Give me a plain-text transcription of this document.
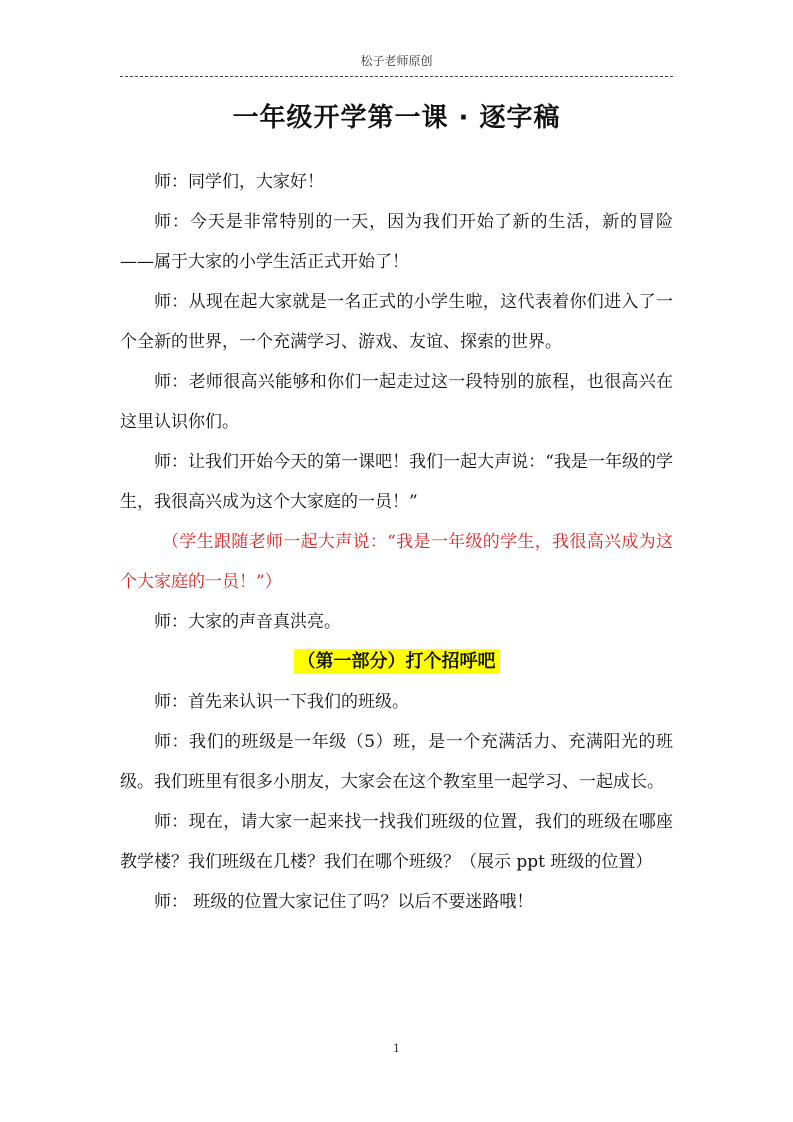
松子老师原创
一年级开学第一课 · 逐字稿

师：同学们，大家好！

师：今天是非常特别的一天，因为我们开始了新的生活，新的冒险——属于大家的小学生活正式开始了！

师：从现在起大家就是一名正式的小学生啦，这代表着你们进入了一个全新的世界，一个充满学习、游戏、友谊、探索的世界。

师：老师很高兴能够和你们一起走过这一段特别的旅程，也很高兴在这里认识你们。

师：让我们开始今天的第一课吧！我们一起大声说：“我是一年级的学生，我很高兴成为这个大家庭的一员！”

（学生跟随老师一起大声说：“我是一年级的学生，我很高兴成为这个大家庭的一员！”）

师：大家的声音真洪亮。

（第一部分）打个招呼吧

师：首先来认识一下我们的班级。

师：我们的班级是一年级（5）班，是一个充满活力、充满阳光的班级。我们班里有很多小朋友，大家会在这个教室里一起学习、一起成长。

师：现在，请大家一起来找一找我们班级的位置，我们的班级在哪座教学楼？我们班级在几楼？我们在哪个班级？（展示 ppt 班级的位置）

师： 班级的位置大家记住了吗？以后不要迷路哦！

1
